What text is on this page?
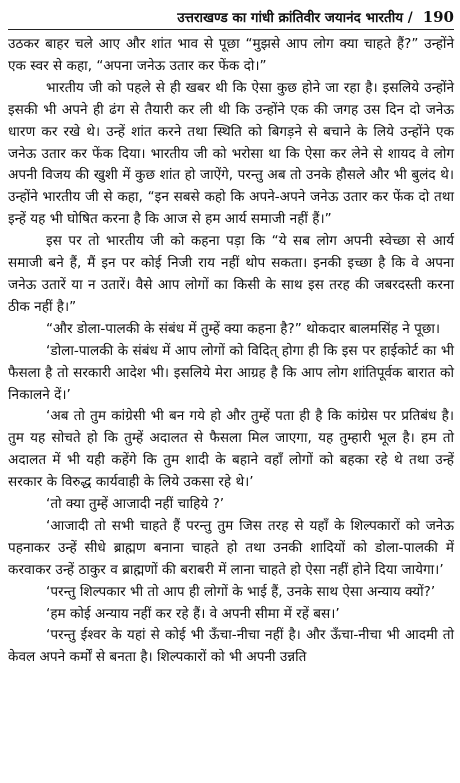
उत्तराखण्ड का गांधी क्रांतिवीर जयानंद भारतीय / 190

उठकर बाहर चले आए और शांत भाव से पूछा “मुझसे आप लोग क्या चाहते हैं?” उन्होंने एक स्वर से कहा, “अपना जनेऊ उतार कर फेंक दो।”

भारतीय जी को पहले से ही खबर थी कि ऐसा कुछ होने जा रहा है। इसलिये उन्होंने इसकी भी अपने ही ढंग से तैयारी कर ली थी कि उन्होंने एक की जगह उस दिन दो जनेऊ धारण कर रखे थे। उन्हें शांत करने तथा स्थिति को बिगड़ने से बचाने के लिये उन्होंने एक जनेऊ उतार कर फेंक दिया। भारतीय जी को भरोसा था कि ऐसा कर लेने से शायद वे लोग अपनी विजय की खुशी में कुछ शांत हो जाऐंगे, परन्तु अब तो उनके हौसले और भी बुलंद थे। उन्होंने भारतीय जी से कहा, “इन सबसे कहो कि अपने-अपने जनेऊ उतार कर फेंक दो तथा इन्हें यह भी घोषित करना है कि आज से हम आर्य समाजी नहीं हैं।”

इस पर तो भारतीय जी को कहना पड़ा कि “ये सब लोग अपनी स्वेच्छा से आर्य समाजी बने हैं, मैं इन पर कोई निजी राय नहीं थोप सकता। इनकी इच्छा है कि वे अपना जनेऊ उतारें या न उतारें। वैसे आप लोगों का किसी के साथ इस तरह की जबरदस्ती करना ठीक नहीं है।”

“और डोला-पालकी के संबंध में तुम्हें क्या कहना है?” थोकदार बालमसिंह ने पूछा।

‘डोला-पालकी के संबंध में आप लोगों को विदित् होगा ही कि इस पर हाईकोर्ट का भी फैसला है तो सरकारी आदेश भी। इसलिये मेरा आग्रह है कि आप लोग शांतिपूर्वक बारात को निकालने दें।’

‘अब तो तुम कांग्रेसी भी बन गये हो और तुम्हें पता ही है कि कांग्रेस पर प्रतिबंध है। तुम यह सोचते हो कि तुम्हें अदालत से फैसला मिल जाएगा, यह तुम्हारी भूल है। हम तो अदालत में भी यही कहेंगे कि तुम शादी के बहाने वहाँ लोगों को बहका रहे थे तथा उन्हें सरकार के विरुद्ध कार्यवाही के लिये उकसा रहे थे।’

‘तो क्या तुम्हें आजादी नहीं चाहिये ?’

‘आजादी तो सभी चाहते हैं परन्तु तुम जिस तरह से यहाँ के शिल्पकारों को जनेऊ पहनाकर उन्हें सीधे ब्राह्मण बनाना चाहते हो तथा उनकी शादियों को डोला-पालकी में करवाकर उन्हें ठाकुर व ब्राह्मणों की बराबरी में लाना चाहते हो ऐसा नहीं होने दिया जायेगा।’

‘परन्तु शिल्पकार भी तो आप ही लोगों के भाई हैं, उनके साथ ऐसा अन्याय क्यों?’

‘हम कोई अन्याय नहीं कर रहे हैं। वे अपनी सीमा में रहें बस।’

‘परन्तु ईश्वर के यहां से कोई भी ऊँचा-नीचा नहीं है। और ऊँचा-नीचा भी आदमी तो केवल अपने कर्मों से बनता है। शिल्पकारों को भी अपनी उन्नति
